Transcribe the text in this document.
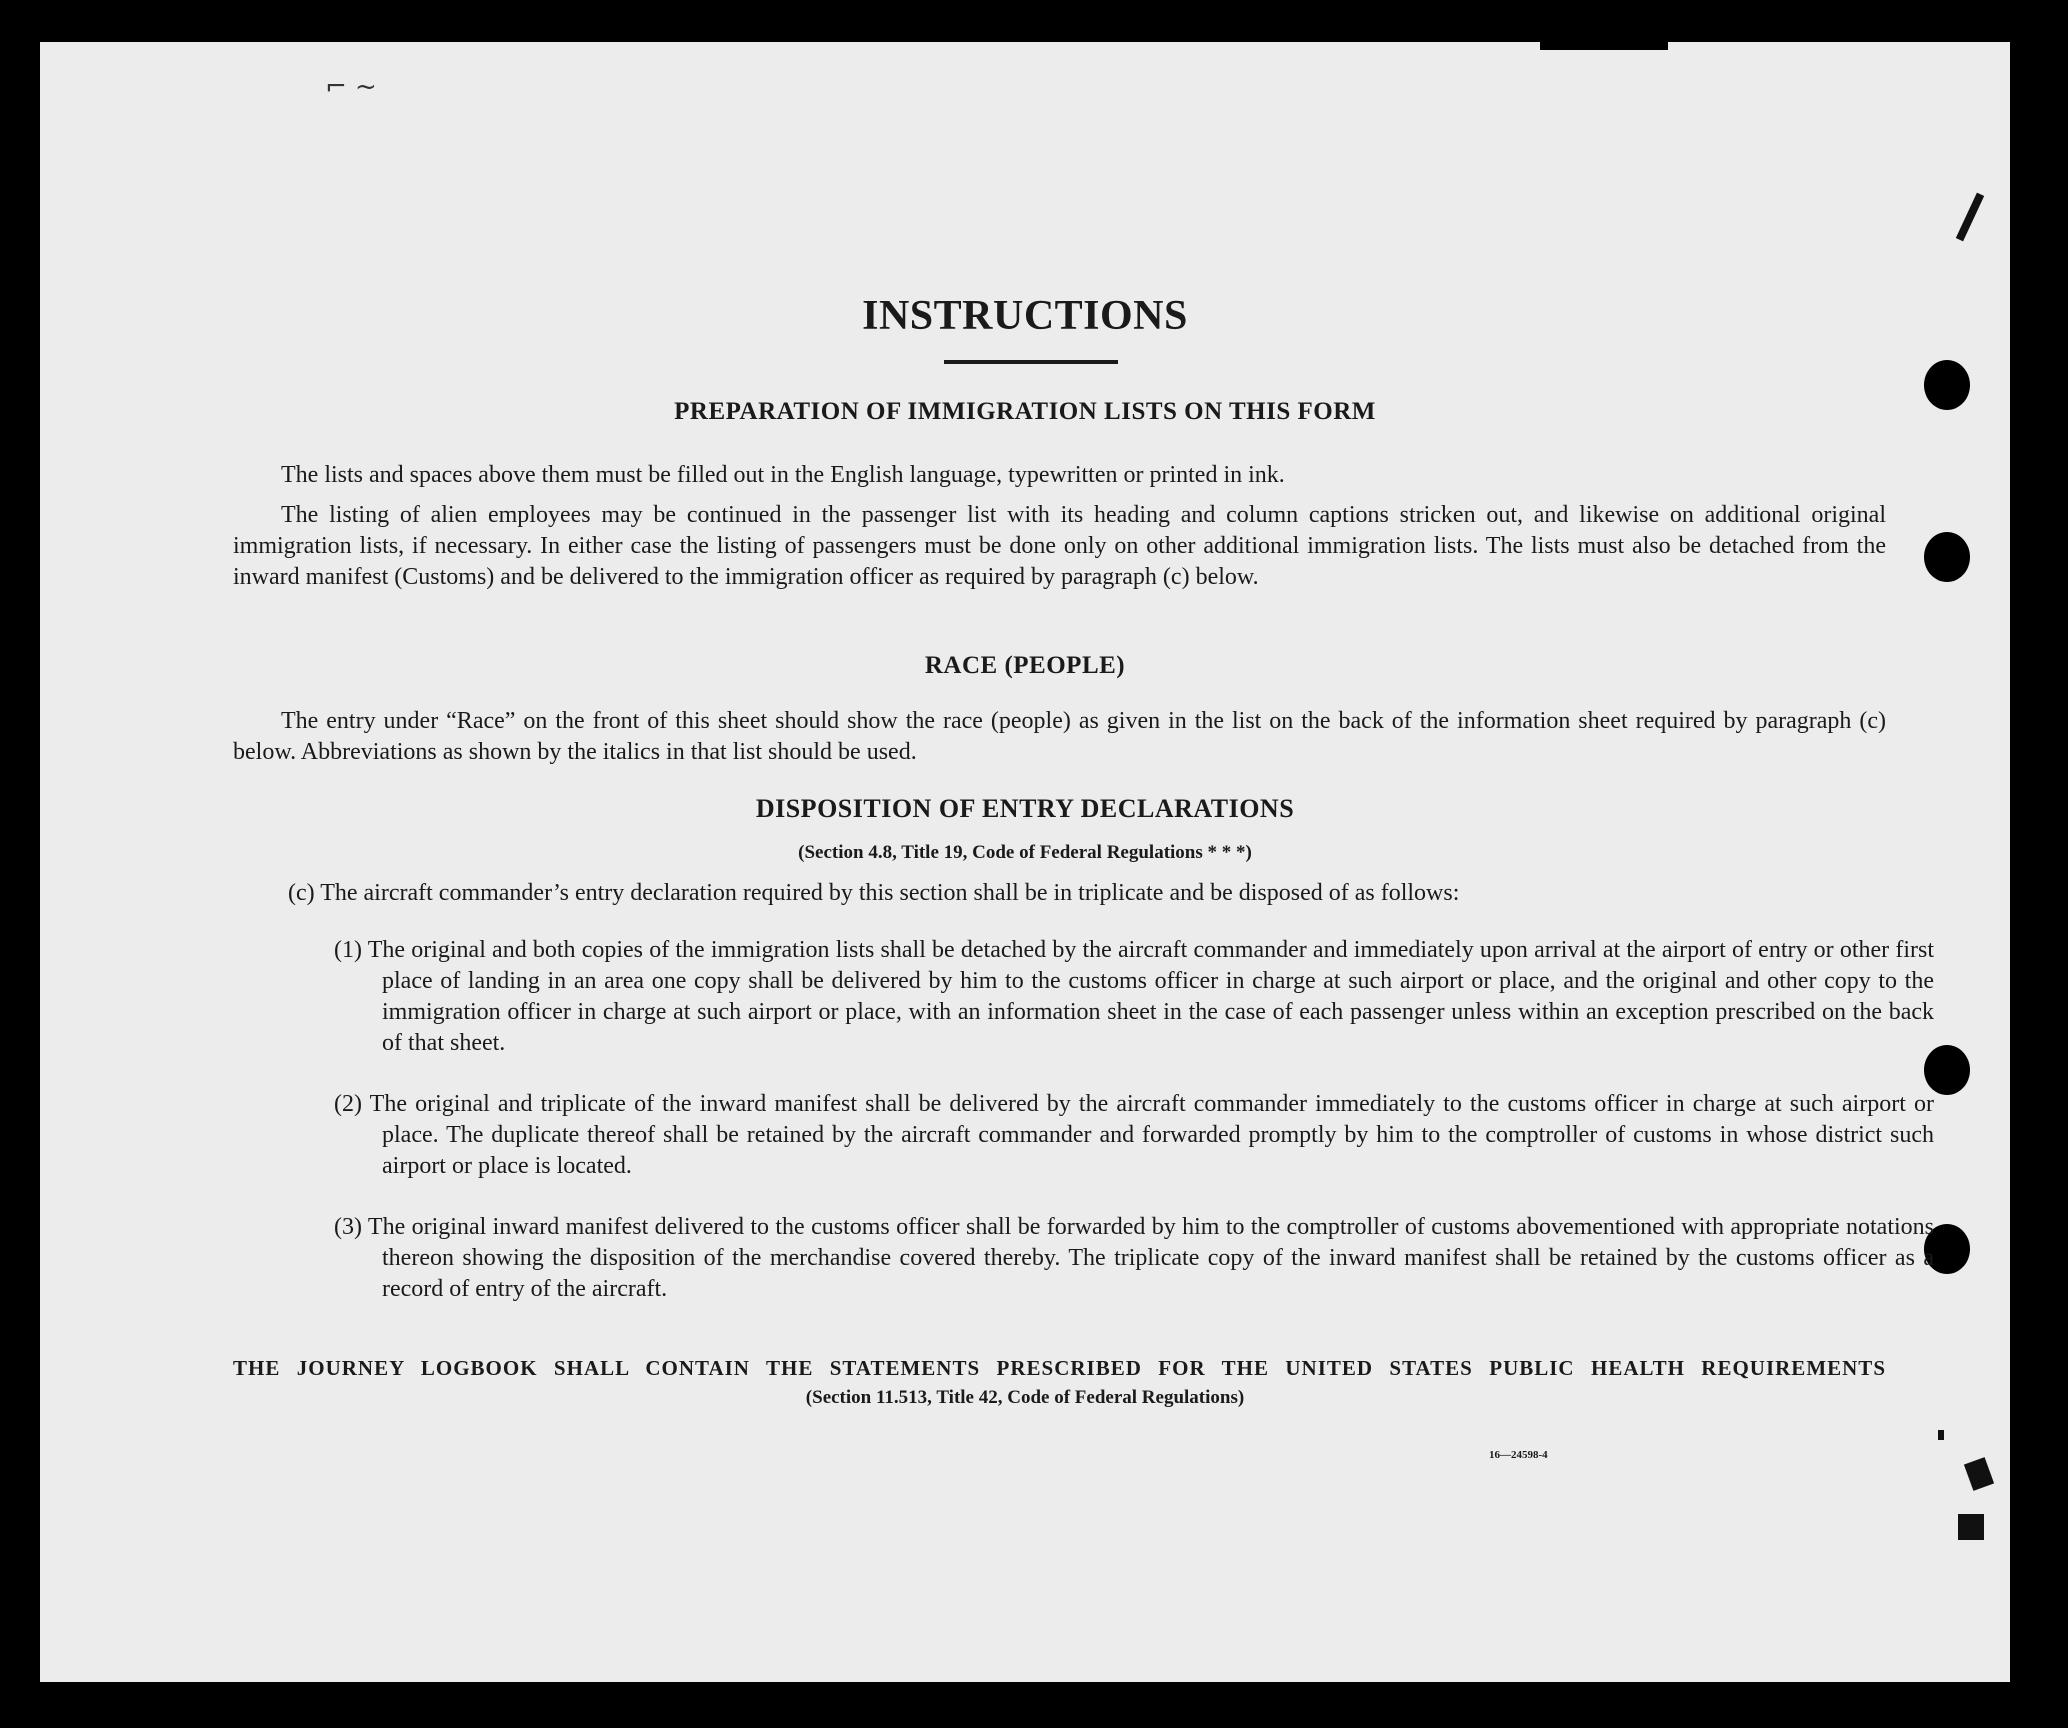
⌐ ~
INSTRUCTIONS
PREPARATION OF IMMIGRATION LISTS ON THIS FORM
The lists and spaces above them must be filled out in the English language, typewritten or printed in ink.
The listing of alien employees may be continued in the passenger list with its heading and column captions stricken out, and likewise on additional original immigration lists, if necessary. In either case the listing of passengers must be done only on other additional immigration lists. The lists must also be detached from the inward manifest (Customs) and be delivered to the immigration officer as required by paragraph (c) below.
RACE (PEOPLE)
The entry under “Race” on the front of this sheet should show the race (people) as given in the list on the back of the information sheet required by paragraph (c) below. Abbreviations as shown by the italics in that list should be used.
DISPOSITION OF ENTRY DECLARATIONS
(Section 4.8, Title 19, Code of Federal Regulations * * *)
(c) The aircraft commander’s entry declaration required by this section shall be in triplicate and be disposed of as follows:
(1) The original and both copies of the immigration lists shall be detached by the aircraft commander and immediately upon arrival at the airport of entry or other first place of landing in an area one copy shall be delivered by him to the customs officer in charge at such airport or place, and the original and other copy to the immigration officer in charge at such airport or place, with an information sheet in the case of each passenger unless within an exception prescribed on the back of that sheet.
(2) The original and triplicate of the inward manifest shall be delivered by the aircraft commander immediately to the customs officer in charge at such airport or place. The duplicate thereof shall be retained by the aircraft commander and forwarded promptly by him to the comptroller of customs in whose district such airport or place is located.
(3) The original inward manifest delivered to the customs officer shall be forwarded by him to the comptroller of customs abovementioned with appropriate notations thereon showing the disposition of the merchandise covered thereby. The triplicate copy of the inward manifest shall be retained by the customs officer as a record of entry of the aircraft.
THE JOURNEY LOGBOOK SHALL CONTAIN THE STATEMENTS PRESCRIBED FOR THE UNITED STATES PUBLIC HEALTH REQUIREMENTS
(Section 11.513, Title 42, Code of Federal Regulations)
16—24598-4
